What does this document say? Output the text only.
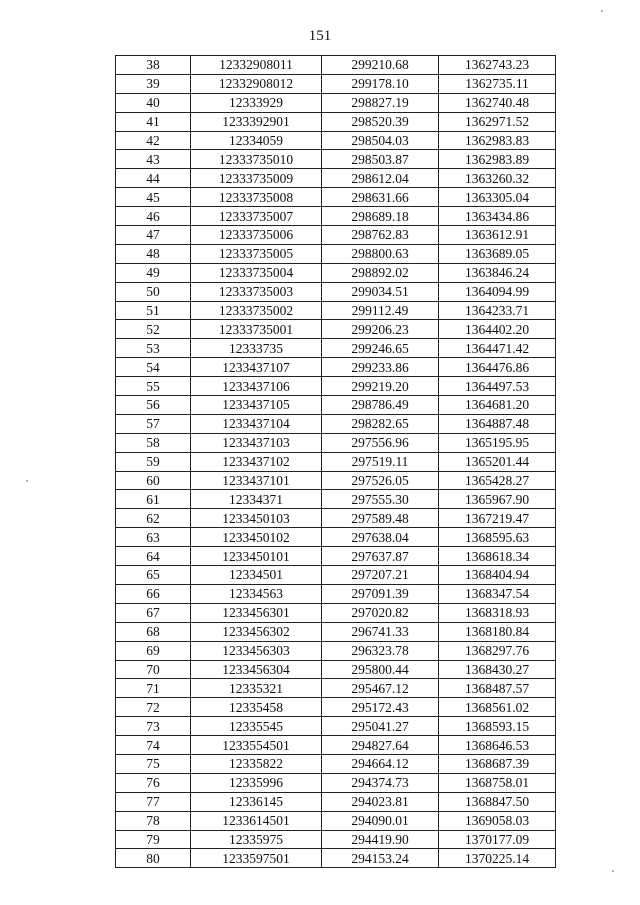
151
38	12332908011	299210.68	1362743.23
39	12332908012	299178.10	1362735.11
40	12333929	298827.19	1362740.48
41	1233392901	298520.39	1362971.52
42	12334059	298504.03	1362983.83
43	12333735010	298503.87	1362983.89
44	12333735009	298612.04	1363260.32
45	12333735008	298631.66	1363305.04
46	12333735007	298689.18	1363434.86
47	12333735006	298762.83	1363612.91
48	12333735005	298800.63	1363689.05
49	12333735004	298892.02	1363846.24
50	12333735003	299034.51	1364094.99
51	12333735002	299112.49	1364233.71
52	12333735001	299206.23	1364402.20
53	12333735	299246.65	1364471.42
54	1233437107	299233.86	1364476.86
55	1233437106	299219.20	1364497.53
56	1233437105	298786.49	1364681.20
57	1233437104	298282.65	1364887.48
58	1233437103	297556.96	1365195.95
59	1233437102	297519.11	1365201.44
60	1233437101	297526.05	1365428.27
61	12334371	297555.30	1365967.90
62	1233450103	297589.48	1367219.47
63	1233450102	297638.04	1368595.63
64	1233450101	297637.87	1368618.34
65	12334501	297207.21	1368404.94
66	12334563	297091.39	1368347.54
67	1233456301	297020.82	1368318.93
68	1233456302	296741.33	1368180.84
69	1233456303	296323.78	1368297.76
70	1233456304	295800.44	1368430.27
71	12335321	295467.12	1368487.57
72	12335458	295172.43	1368561.02
73	12335545	295041.27	1368593.15
74	1233554501	294827.64	1368646.53
75	12335822	294664.12	1368687.39
76	12335996	294374.73	1368758.01
77	12336145	294023.81	1368847.50
78	1233614501	294090.01	1369058.03
79	12335975	294419.90	1370177.09
80	1233597501	294153.24	1370225.14
